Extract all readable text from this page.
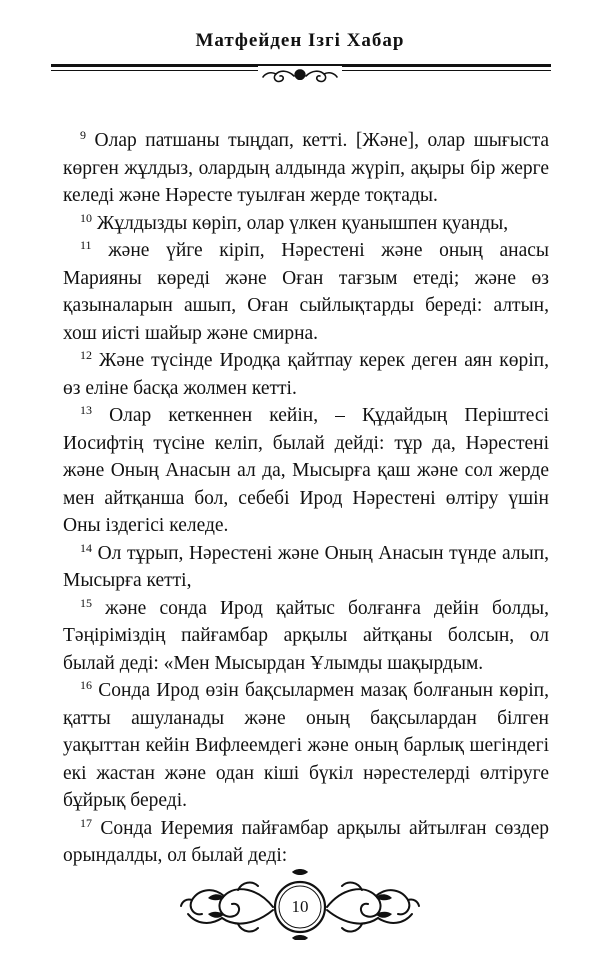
Матфейден Ізгі Хабар

$^9$ Олар патшаны тыңдап, кетті. [Және], олар шығыста көрген жұлдыз, олардың алдында жүріп, ақыры бір жерге келеді және Нәресте туылған жерде тоқтады.

$^{10}$ Жұлдызды көріп, олар үлкен қуанышпен қуанды,

$^{11}$ және үйге кіріп, Нәрестені және оның анасы Марияны көреді және Оған тағзым етеді; және өз қазыналарын ашып, Оған сыйлықтарды береді: алтын, хош иісті шайыр және смирна.

$^{12}$ Және түсінде Иродқа қайтпау керек деген аян көріп, өз еліне басқа жолмен кетті.

$^{13}$ Олар кеткеннен кейін, – Құдайдың Періштесі Иосифтің түсіне келіп, былай дейді: тұр да, Нәрестені және Оның Анасын ал да, Мысырға қаш және сол жерде мен айтқанша бол, себебі Ирод Нәрестені өлтіру үшін Оны іздегісі келеде.

$^{14}$ Ол тұрып, Нәрестені және Оның Анасын түнде алып, Мысырға кетті,

$^{15}$ және сонда Ирод қайтыс болғанға дейін болды, Тәңіріміздің пайғамбар арқылы айтқаны болсын, ол былай деді: «Мен Мысырдан Ұлымды шақырдым.

$^{16}$ Сонда Ирод өзін бақсылармен мазақ болғанын көріп, қатты ашуланады және оның бақсылардан білген уақыттан кейін Вифлеемдегі және оның барлық шегіндегі екі жастан және одан кіші бүкіл нәрестелерді өлтіруге бұйрық береді.

$^{17}$ Сонда Иеремия пайғамбар арқылы айтылған сөздер орындалды, ол былай деді:

10
